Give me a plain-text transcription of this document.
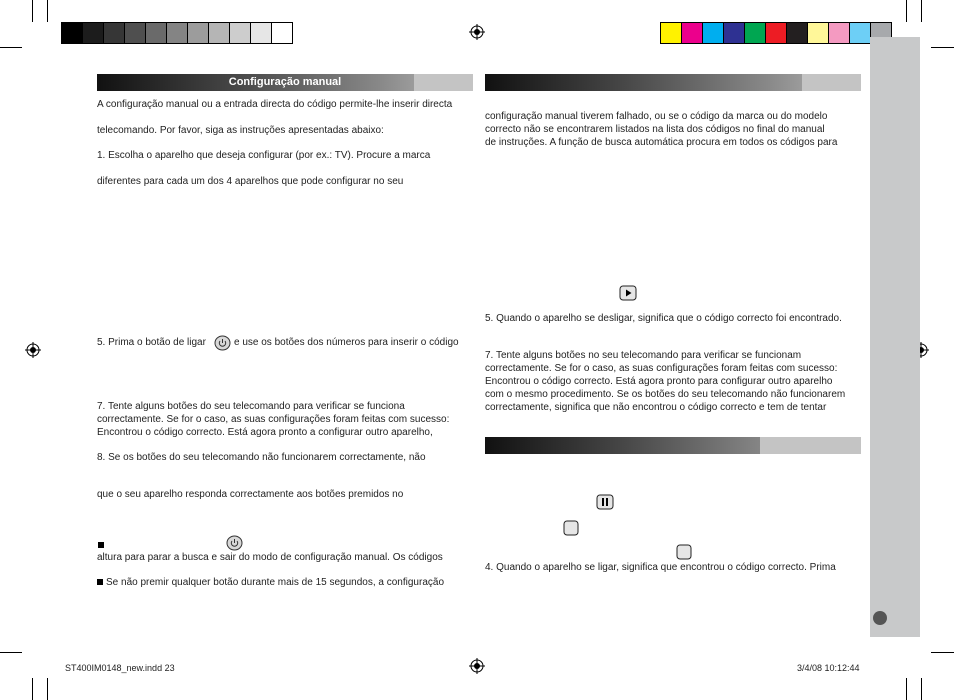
Configuração manual
A configuração manual ou a entrada directa do código permite-lhe inserir directa
telecomando. Por favor, siga as instruções apresentadas abaixo:
1. Escolha o aparelho que deseja configurar (por ex.: TV). Procure a marca
diferentes para cada um dos 4 aparelhos que pode configurar no seu
5. Prima o botão de ligar	e use os botões dos números para inserir o código
7. Tente alguns botões do seu telecomando para verificar se funciona
correctamente. Se for o caso, as suas configurações foram feitas com sucesso:
Encontrou o código correcto. Está agora pronto a configurar outro aparelho,
8. Se os botões do seu telecomando não funcionarem correctamente, não
que o seu aparelho responda correctamente aos botões premidos no
altura para parar a busca e sair do modo de configuração manual. Os códigos
Se não premir qualquer botão durante mais de 15 segundos, a configuração
configuração manual tiverem falhado, ou se o código da marca ou do modelo
correcto não se encontrarem listados na lista dos códigos no final do manual
de instruções. A função de busca automática procura em todos os códigos para
5. Quando o aparelho se desligar, significa que o código correcto foi encontrado.
7. Tente alguns botões no seu telecomando para verificar se funcionam
correctamente. Se for o caso, as suas configurações foram feitas com sucesso:
Encontrou o código correcto. Está agora pronto para configurar outro aparelho
com o mesmo procedimento. Se os botões do seu telecomando não funcionarem
correctamente, significa que não encontrou o código correcto e tem de tentar
4. Quando o aparelho se ligar, significa que encontrou o código correcto. Prima
ST400IM0148_new.indd 23	3/4/08 10:12:44
